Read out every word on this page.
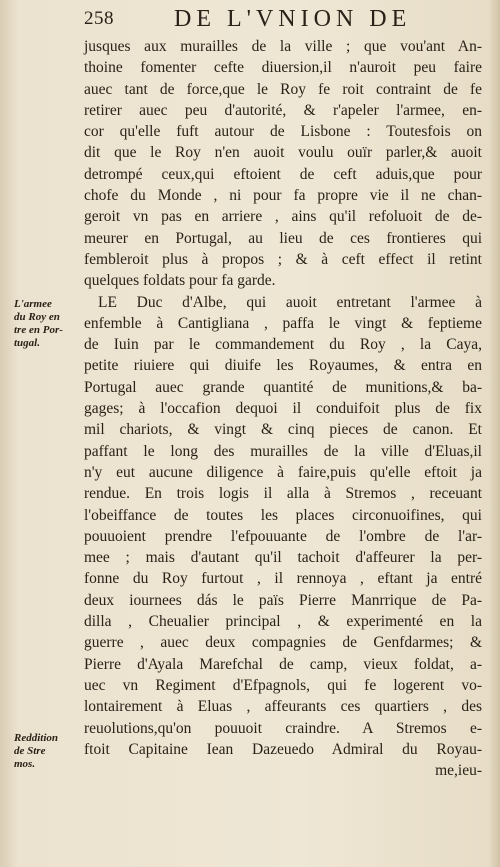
258	DE L'VNION DE
L'armee
du Roy en
tre en Por-
tugal.
Reddition
de Stre
mos.
jusques aux murailles de la ville ; que vou'ant An-
thoine fomenter cefte diuersion,il n'auroit peu faire
auec tant de force,que le Roy fe roit contraint de fe
retirer auec peu d'autorité, & r'apeler l'armee, en-
cor qu'elle fuft autour de Lisbone : Toutesfois on
dit que le Roy n'en auoit voulu ouïr parler,& auoit
detrompé ceux,qui eftoient de ceft aduis,que pour
chofe du Monde , ni pour fa propre vie il ne chan-
geroit vn pas en arriere , ains qu'il refoluoit de de-
meurer en Portugal, au lieu de ces frontieres qui
fembleroit plus à propos ; & à ceft effect il retint
quelques foldats pour fa garde.
LE Duc d'Albe, qui auoit entretant l'armee à
enfemble à Cantigliana , paffa le vingt & feptieme
de Iuin par le commandement du Roy , la Caya,
petite riuiere qui diuife les Royaumes, & entra en
Portugal auec grande quantité de munitions,& ba-
gages; à l'occafion dequoi il conduifoit plus de fix
mil chariots, & vingt & cinq pieces de canon. Et
paffant le long des murailles de la ville d'Eluas,il
n'y eut aucune diligence à faire,puis qu'elle eftoit ja
rendue. En trois logis il alla à Stremos , receuant
l'obeiffance de toutes les places circonuoifines, qui
pouuoient prendre l'efpouuante de l'ombre de l'ar-
mee ; mais d'autant qu'il tachoit d'affeurer la per-
fonne du Roy furtout , il rennoya , eftant ja entré
deux iournees dás le païs Pierre Manrrique de Pa-
dilla , Cheualier principal , & experimenté en la
guerre , auec deux compagnies de Genfdarmes; &
Pierre d'Ayala Marefchal de camp, vieux foldat, a-
uec vn Regiment d'Efpagnols, qui fe logerent vo-
lontairement à Eluas , affeurants ces quartiers , des
reuolutions,qu'on pouuoit craindre. A Stremos e-
ftoit Capitaine Iean Dazeuedo Admiral du Royau-
me,ieu-
